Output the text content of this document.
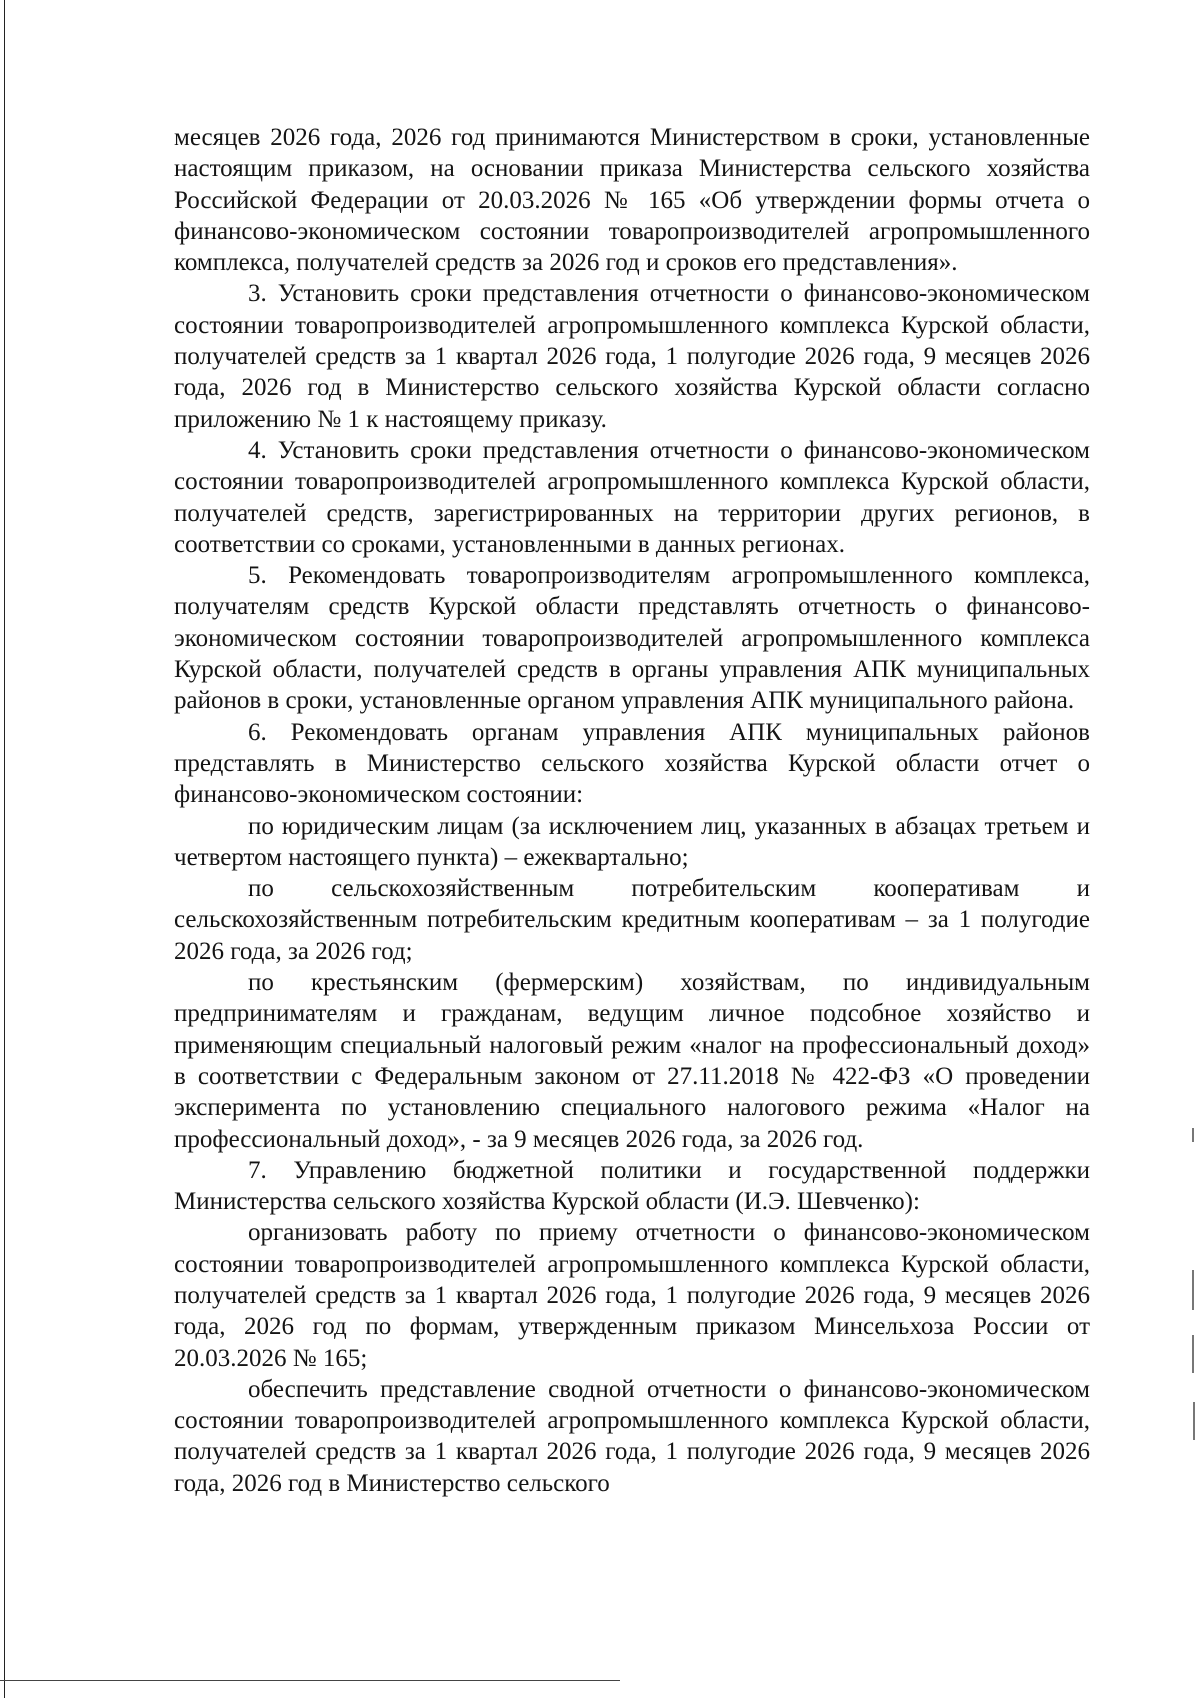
месяцев 2026 года, 2026 год принимаются Министерством в сроки, установленные настоящим приказом, на основании приказа Министерства сельского хозяйства Российской Федерации от 20.03.2026 № 165 «Об утверждении формы отчета о финансово-экономическом состоянии товаропроизводителей агропромышленного комплекса, получателей средств за 2026 год и сроков его представления».

3. Установить сроки представления отчетности о финансово-экономическом состоянии товаропроизводителей агропромышленного комплекса Курской области, получателей средств за 1 квартал 2026 года, 1 полугодие 2026 года, 9 месяцев 2026 года, 2026 год в Министерство сельского хозяйства Курской области согласно приложению № 1 к настоящему приказу.

4. Установить сроки представления отчетности о финансово-экономическом состоянии товаропроизводителей агропромышленного комплекса Курской области, получателей средств, зарегистрированных на территории других регионов, в соответствии со сроками, установленными в данных регионах.

5. Рекомендовать товаропроизводителям агропромышленного комплекса, получателям средств Курской области представлять отчетность о финансово-экономическом состоянии товаропроизводителей агропромышленного комплекса Курской области, получателей средств в органы управления АПК муниципальных районов в сроки, установленные органом управления АПК муниципального района.

6. Рекомендовать органам управления АПК муниципальных районов представлять в Министерство сельского хозяйства Курской области отчет о финансово-экономическом состоянии:

по юридическим лицам (за исключением лиц, указанных в абзацах третьем и четвертом настоящего пункта) – ежеквартально;

по сельскохозяйственным потребительским кооперативам и сельскохозяйственным потребительским кредитным кооперативам – за 1 полугодие 2026 года, за 2026 год;

по крестьянским (фермерским) хозяйствам, по индивидуальным предпринимателям и гражданам, ведущим личное подсобное хозяйство и применяющим специальный налоговый режим «налог на профессиональный доход» в соответствии с Федеральным законом от 27.11.2018 № 422-ФЗ «О проведении эксперимента по установлению специального налогового режима «Налог на профессиональный доход», - за 9 месяцев 2026 года, за 2026 год.

7. Управлению бюджетной политики и государственной поддержки Министерства сельского хозяйства Курской области (И.Э. Шевченко):

организовать работу по приему отчетности о финансово-экономическом состоянии товаропроизводителей агропромышленного комплекса Курской области, получателей средств за 1 квартал 2026 года, 1 полугодие 2026 года, 9 месяцев 2026 года, 2026 год по формам, утвержденным приказом Минсельхоза России от 20.03.2026 № 165;

обеспечить представление сводной отчетности о финансово-экономическом состоянии товаропроизводителей агропромышленного комплекса Курской области, получателей средств за 1 квартал 2026 года, 1 полугодие 2026 года, 9 месяцев 2026 года, 2026 год в Министерство сельского
